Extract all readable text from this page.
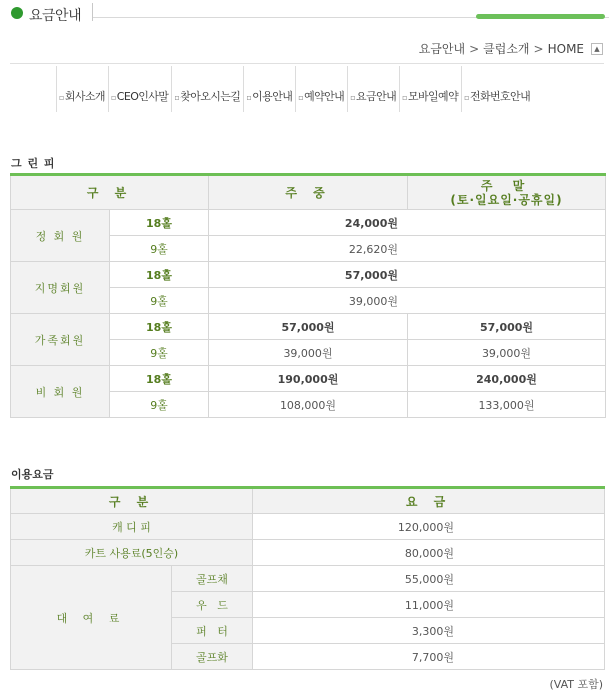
요금안내
요금안내 > 클럽소개 > HOME	▲
▫회사소개 ▫CEO인사말 ▫찾아오시는길 ▫이용안내 ▫예약안내 ▫요금안내 ▫모바일예약 ▫전화번호안내
그 린 피
구 분		주 중	주 말
(토·일요일·공휴일)

정 회 원	18홀	24,000원	
	9홀	22,620원	
지명회원	18홀	57,000원	
	9홀	39,000원	
가족회원	18홀	57,000원	57,000원
	9홀	39,000원	39,000원
비 회 원	18홀	190,000원	240,000원
	9홀	108,000원	133,000원
이용요금
구 분		요 금
캐 디 피		120,000원
카트 사용료(5인승)		80,000원
대 여 료	골프채	55,000원
	우   드	11,000원
	퍼   터	3,300원
	골프화	7,700원
(VAT 포함)
